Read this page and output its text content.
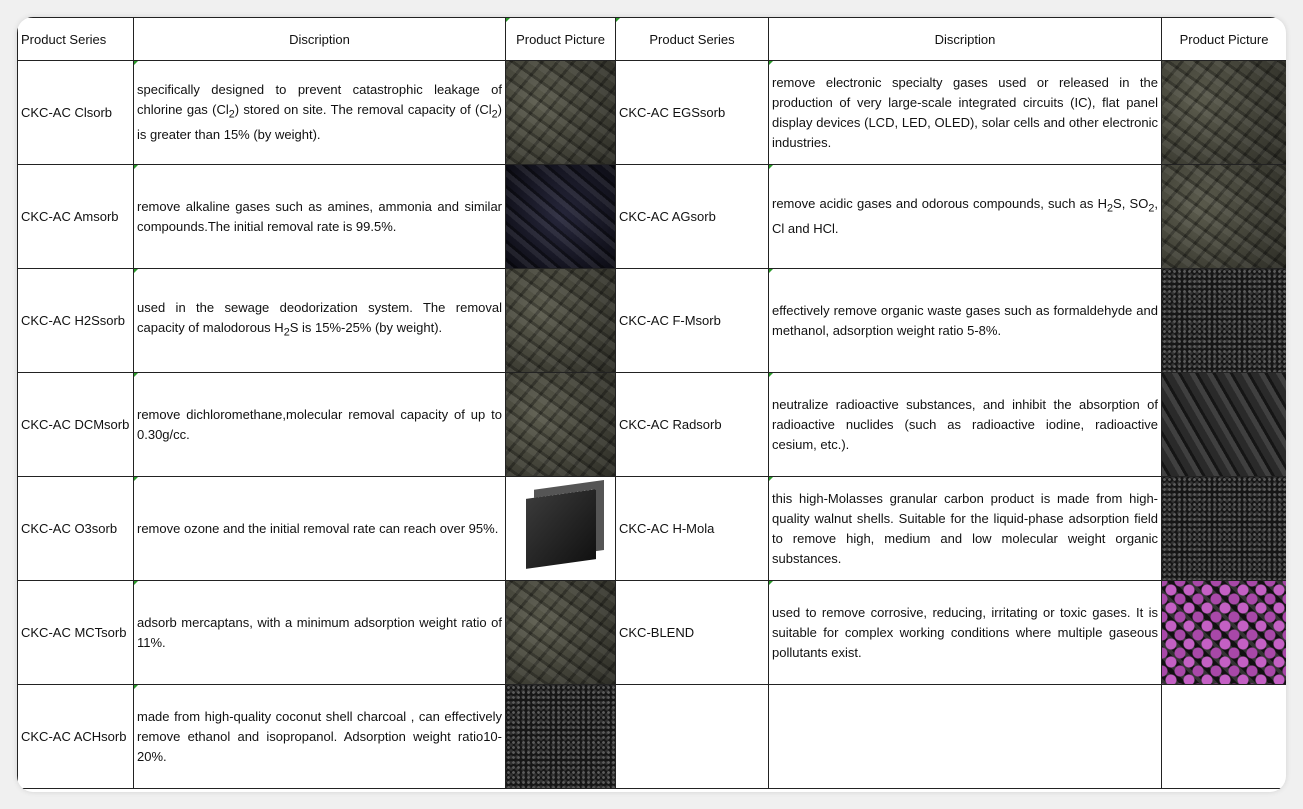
Product Series	Discription	Product Picture	Product Series	Discription	Product Picture
CKC-AC Clsorb	specifically designed to prevent catastrophic leakage of chlorine gas $(Cl_2)$ stored on site. The removal capacity of $(Cl_2)$ is greater than 15% (by weight).		CKC-AC EGSsorb	remove electronic specialty gases used or released in the production of very large-scale integrated circuits (IC), flat panel display devices (LCD, LED, OLED), solar cells and other electronic industries.	

CKC-AC Amsorb	remove alkaline gases such as amines, ammonia and similar compounds.The initial removal rate is 99.5%.		CKC-AC AGsorb	remove acidic gases and odorous compounds, such as $H_2S$, $SO_2$, Cl and HCl.	

CKC-AC H2Ssorb	used in the sewage deodorization system. The removal capacity of malodorous $H_2S$ is 15%-25% (by weight).		CKC-AC F-Msorb	effectively remove organic waste gases such as formaldehyde and methanol, adsorption weight ratio 5-8%.	

CKC-AC DCMsorb	remove dichloromethane,molecular removal capacity of up to 0.30g/cc.		CKC-AC Radsorb	neutralize radioactive substances, and inhibit the absorption of radioactive nuclides (such as radioactive iodine, radioactive cesium, etc.).	

CKC-AC O3sorb	remove ozone and the initial removal rate can reach over 95%.		CKC-AC H-Mola	this high-Molasses granular carbon product is made from high-quality walnut shells. Suitable for the liquid-phase adsorption field to remove high, medium and low molecular weight organic substances.	

CKC-AC MCTsorb	adsorb mercaptans, with a minimum adsorption weight ratio of 11%.		CKC-BLEND	used to remove corrosive, reducing, irritating or toxic gases. It is suitable for complex working conditions where multiple gaseous pollutants exist.	

CKC-AC ACHsorb	made from high-quality coconut shell charcoal , can effectively remove ethanol and isopropanol. Adsorption weight ratio10-20%.	
